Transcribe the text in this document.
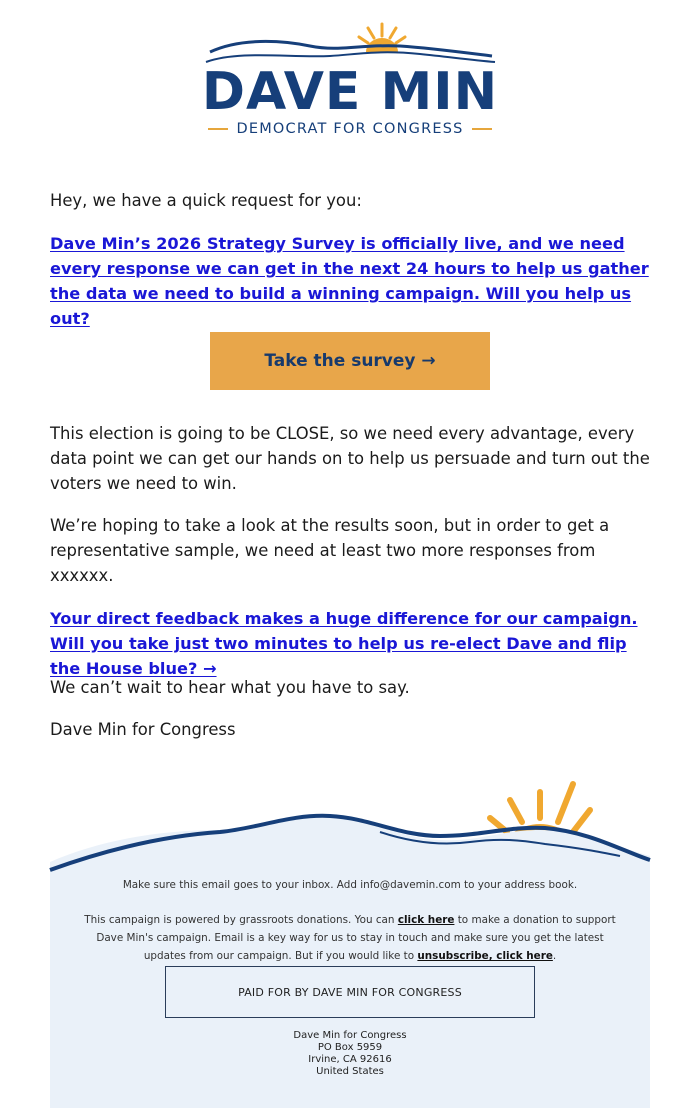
DAVE MIN
DEMOCRAT FOR CONGRESS

Hey, we have a quick request for you:

Dave Min’s 2026 Strategy Survey is officially live, and we need every response we can get in the next 24 hours to help us gather the data we need to build a winning campaign. Will you help us out?
Take the survey →

This election is going to be CLOSE, so we need every advantage, every data point we can get our hands on to help us persuade and turn out the voters we need to win.

We’re hoping to take a look at the results soon, but in order to get a representative sample, we need at least two more responses from xxxxxx.

Your direct feedback makes a huge difference for our campaign. Will you take just two minutes to help us re-elect Dave and flip the House blue? →

We can’t wait to hear what you have to say.

Dave Min for Congress

Make sure this email goes to your inbox. Add info@davemin.com to your address book.
This campaign is powered by grassroots donations. You can click here to make a donation to support Dave Min's campaign. Email is a key way for us to stay in touch and make sure you get the latest updates from our campaign. But if you would like to unsubscribe, click here.
PAID FOR BY DAVE MIN FOR CONGRESS
Dave Min for Congress
PO Box 5959
Irvine, CA 92616
United States
